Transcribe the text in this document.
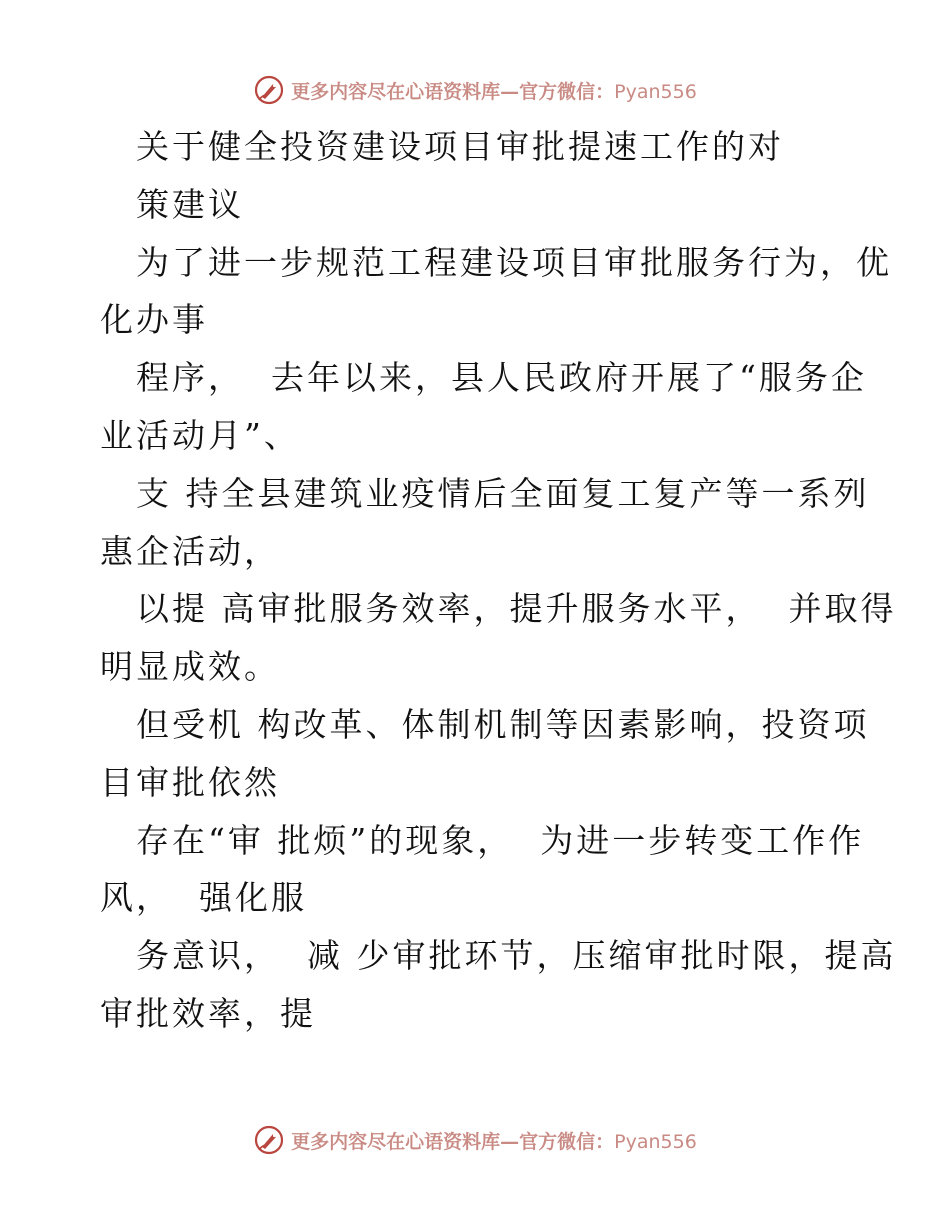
更多内容尽在心语资料库—官方微信：Pyan556
关于健全投资建设项目审批提速工作的对
策建议
为了进一步规范工程建设项目审批服务行为，优
化办事
程序，  去年以来，县人民政府开展了“服务企
业活动月”、
支 持全县建筑业疫情后全面复工复产等一系列
惠企活动，
以提 高审批服务效率，提升服务水平，  并取得
明显成效。
但受机 构改革、体制机制等因素影响，投资项
目审批依然
存在“审 批烦”的现象，  为进一步转变工作作
风，  强化服
务意识，  减 少审批环节，压缩审批时限，提高
审批效率，提
更多内容尽在心语资料库—官方微信：Pyan556
